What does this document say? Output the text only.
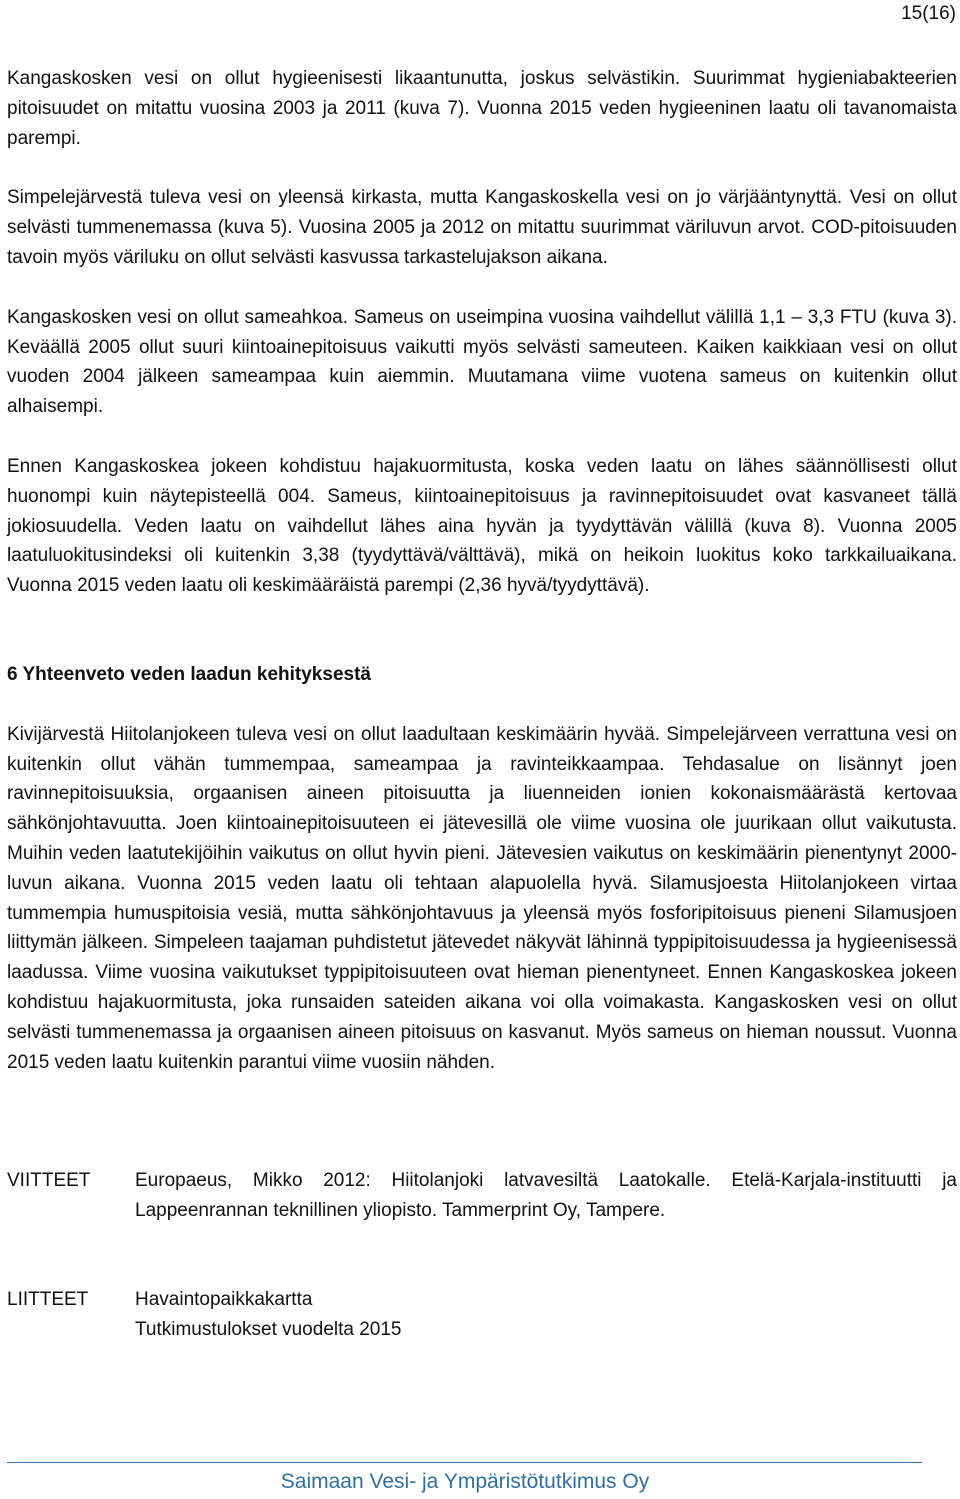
15(16)
Kangaskosken vesi on ollut hygieenisesti likaantunutta, joskus selvästikin. Suurimmat hygieniabakteerien pitoisuudet on mitattu vuosina 2003 ja 2011 (kuva 7). Vuonna 2015 veden hygieeninen laatu oli tavanomaista parempi.
Simpelejärvestä tuleva vesi on yleensä kirkasta, mutta Kangaskoskella vesi on jo värjääntynyttä. Vesi on ollut selvästi tummenemassa (kuva 5). Vuosina 2005 ja 2012 on mitattu suurimmat väriluvun arvot. COD-pitoisuuden tavoin myös väriluku on ollut selvästi kasvussa tarkastelujakson aikana.
Kangaskosken vesi on ollut sameahkoa. Sameus on useimpina vuosina vaihdellut välillä 1,1 – 3,3 FTU (kuva 3). Keväällä 2005 ollut suuri kiintoainepitoisuus vaikutti myös selvästi sameuteen. Kaiken kaikkiaan vesi on ollut vuoden 2004 jälkeen sameampaa kuin aiemmin. Muutamana viime vuotena sameus on kuitenkin ollut alhaisempi.
Ennen Kangaskoskea jokeen kohdistuu hajakuormitusta, koska veden laatu on lähes säännöllisesti ollut huonompi kuin näytepisteellä 004. Sameus, kiintoainepitoisuus ja ravinnepitoisuudet ovat kasvaneet tällä jokiosuudella. Veden laatu on vaihdellut lähes aina hyvän ja tyydyttävän välillä (kuva 8). Vuonna 2005 laatuluokitusindeksi oli kuitenkin 3,38 (tyydyttävä/välttävä), mikä on heikoin luokitus koko tarkkailuaikana. Vuonna 2015 veden laatu oli keskimääräistä parempi (2,36 hyvä/tyydyttävä).
6 Yhteenveto veden laadun kehityksestä
Kivijärvestä Hiitolanjokeen tuleva vesi on ollut laadultaan keskimäärin hyvää. Simpelejärveen verrattuna vesi on kuitenkin ollut vähän tummempaa, sameampaa ja ravinteikkaampaa. Tehdasalue on lisännyt joen ravinnepitoisuuksia, orgaanisen aineen pitoisuutta ja liuenneiden ionien kokonaismäärästä kertovaa sähkönjohtavuutta. Joen kiintoainepitoisuuteen ei jätevesillä ole viime vuosina ole juurikaan ollut vaikutusta. Muihin veden laatutekijöihin vaikutus on ollut hyvin pieni. Jätevesien vaikutus on keskimäärin pienentynyt 2000-luvun aikana. Vuonna 2015 veden laatu oli tehtaan alapuolella hyvä. Silamusjoesta Hiitolanjokeen virtaa tummempia humuspitoisia vesiä, mutta sähkönjohtavuus ja yleensä myös fosforipitoisuus pienenі Silamusjoen liittymän jälkeen. Simpeleen taajaman puhdistetut jätevedet näkyvät lähinnä typpipitoisuudessa ja hygieenisessä laadussa. Viime vuosina vaikutukset typpipitoisuuteen ovat hieman pienentyneet. Ennen Kangaskoskea jokeen kohdistuu hajakuormitusta, joka runsaiden sateiden aikana voi olla voimakasta. Kangaskosken vesi on ollut selvästi tummenemassa ja orgaanisen aineen pitoisuus on kasvanut. Myös sameus on hieman noussut. Vuonna 2015 veden laatu kuitenkin parantui viime vuosiin nähden.
VIITTEET	Europaeus, Mikko 2012: Hiitolanjoki latvavesiltä Laatokalle. Etelä-Karjala-instituutti ja Lappeenrannan teknillinen yliopisto. Tammerprint Oy, Tampere.
LIITTEET	Havaintopaikkakartta
Tutkimustulokset vuodelta 2015
Saimaan Vesi- ja Ympäristötutkimus Oy
